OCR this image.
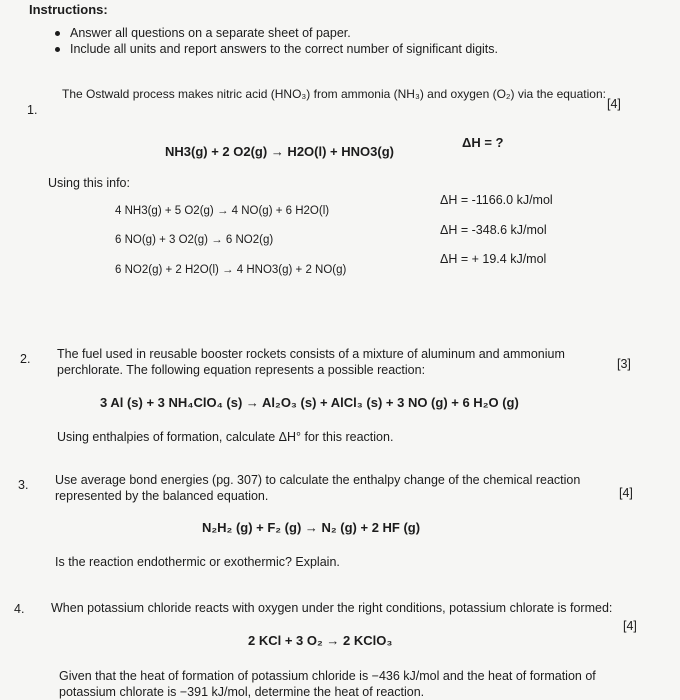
Instructions:
Answer all questions on a separate sheet of paper.
Include all units and report answers to the correct number of significant digits.
1.
The Ostwald process makes nitric acid (HNO₃) from ammonia (NH₃) and oxygen (O₂) via the equation:
[4]
NH3(g) + 2 O2(g) → H2O(l) + HNO3(g)
ΔH = ?
Using this info:
4 NH3(g) + 5 O2(g) → 4 NO(g) + 6 H2O(l)
ΔH = -1166.0 kJ/mol
6 NO(g) + 3 O2(g) → 6 NO2(g)
ΔH = -348.6 kJ/mol
6 NO2(g) + 2 H2O(l) → 4 HNO3(g) + 2 NO(g)
ΔH = + 19.4 kJ/mol
2. The fuel used in reusable booster rockets consists of a mixture of aluminum and ammonium
perchlorate. The following equation represents a possible reaction:	[3]
3 Al (s) + 3 NH₄ClO₄ (s) → Al₂O₃ (s) + AlCl₃ (s) + 3 NO (g) + 6 H₂O (g)
Using enthalpies of formation, calculate ΔH° for this reaction.
3. Use average bond energies (pg. 307) to calculate the enthalpy change of the chemical reaction
represented by the balanced equation.	[4]
N₂H₂ (g) + F₂ (g) → N₂ (g) + 2 HF (g)
Is the reaction endothermic or exothermic? Explain.
4. When potassium chloride reacts with oxygen under the right conditions, potassium chlorate is formed:
[4]
2 KCl + 3 O₂ → 2 KClO₃
Given that the heat of formation of potassium chloride is −436 kJ/mol and the heat of formation of
potassium chlorate is −391 kJ/mol, determine the heat of reaction.
